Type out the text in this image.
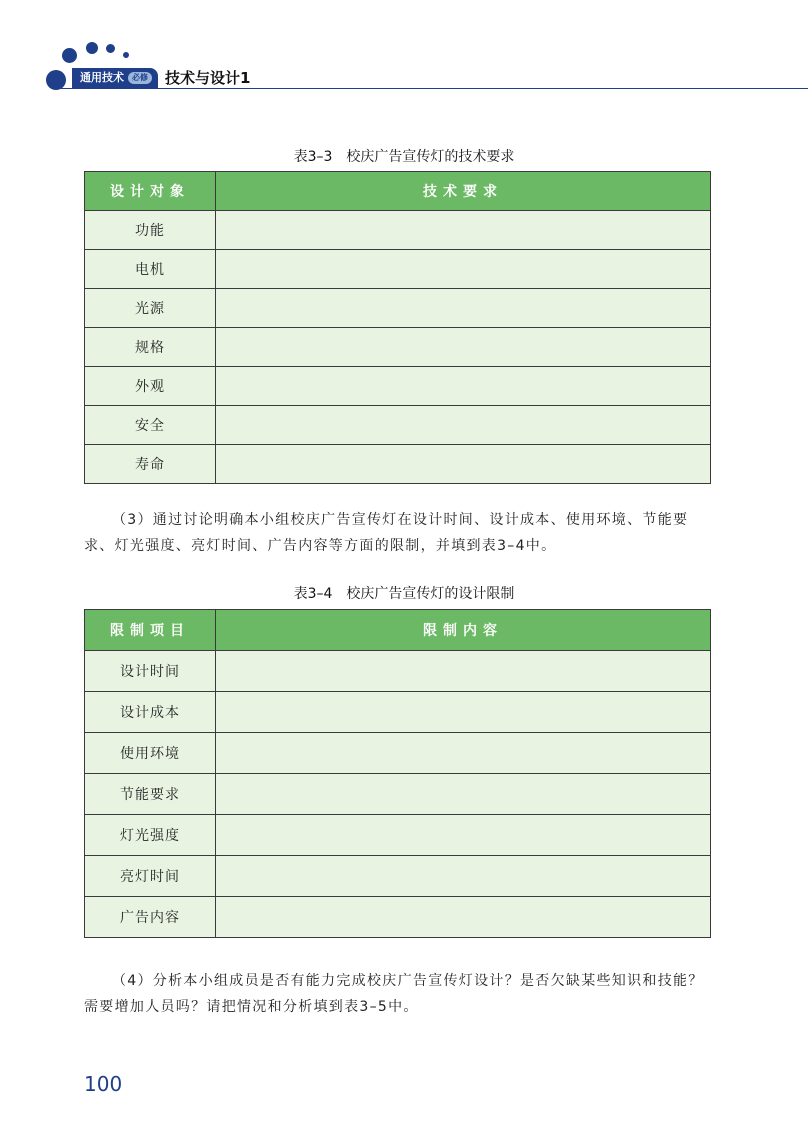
通用技术	必修 技术与设计1
表3–3 校庆广告宣传灯的技术要求
设计对象	技术要求
功能	
电机	
光源	
规格	
外观	
安全	
寿命	
（3）通过讨论明确本小组校庆广告宣传灯在设计时间、设计成本、使用环境、节能要求、灯光强度、亮灯时间、广告内容等方面的限制，并填到表3–4中。
表3–4 校庆广告宣传灯的设计限制
限制项目	限制内容
设计时间	
设计成本	
使用环境	
节能要求	
灯光强度	
亮灯时间	
广告内容	
（4）分析本小组成员是否有能力完成校庆广告宣传灯设计？是否欠缺某些知识和技能？需要增加人员吗？请把情况和分析填到表3–5中。
100
